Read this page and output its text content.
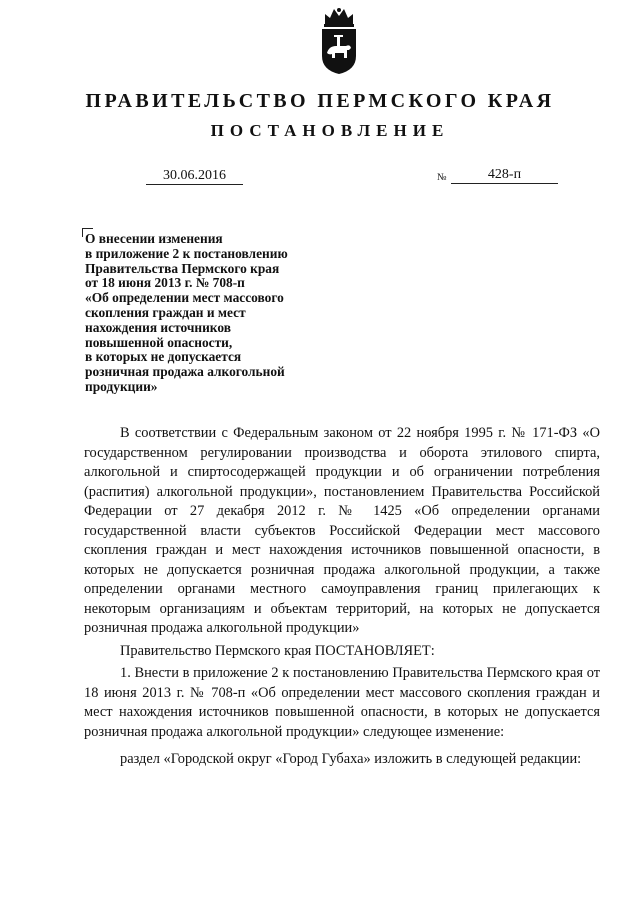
ПРАВИТЕЛЬСТВО ПЕРМСКОГО КРАЯ
ПОСТАНОВЛЕНИЕ
30.06.2016	№	428-п
О внесении изменения
в приложение 2 к постановлению
Правительства Пермского края
от 18 июня 2013 г. № 708-п
«Об определении мест массового
скопления граждан и мест
нахождения источников
повышенной опасности,
в которых не допускается
розничная продажа алкогольной
продукции»

В соответствии с Федеральным законом от 22 ноября 1995 г. № 171-ФЗ «О государственном регулировании производства и оборота этилового спирта, алкогольной и спиртосодержащей продукции и об ограничении потребления (распития) алкогольной продукции», постановлением Правительства Российской Федерации от 27 декабря 2012 г. № 1425 «Об определении органами государственной власти субъектов Российской Федерации мест массового скопления граждан и мест нахождения источников повышенной опасности, в которых не допускается розничная продажа алкогольной продукции, а также определении органами местного самоуправления границ прилегающих к некоторым организациям и объектам территорий, на которых не допускается розничная продажа алкогольной продукции»

Правительство Пермского края ПОСТАНОВЛЯЕТ:

1. Внести в приложение 2 к постановлению Правительства Пермского края от 18 июня 2013 г. № 708-п «Об определении мест массового скопления граждан и мест нахождения источников повышенной опасности, в которых не допускается розничная продажа алкогольной продукции» следующее изменение:

раздел «Городской округ «Город Губаха» изложить в следующей редакции:
